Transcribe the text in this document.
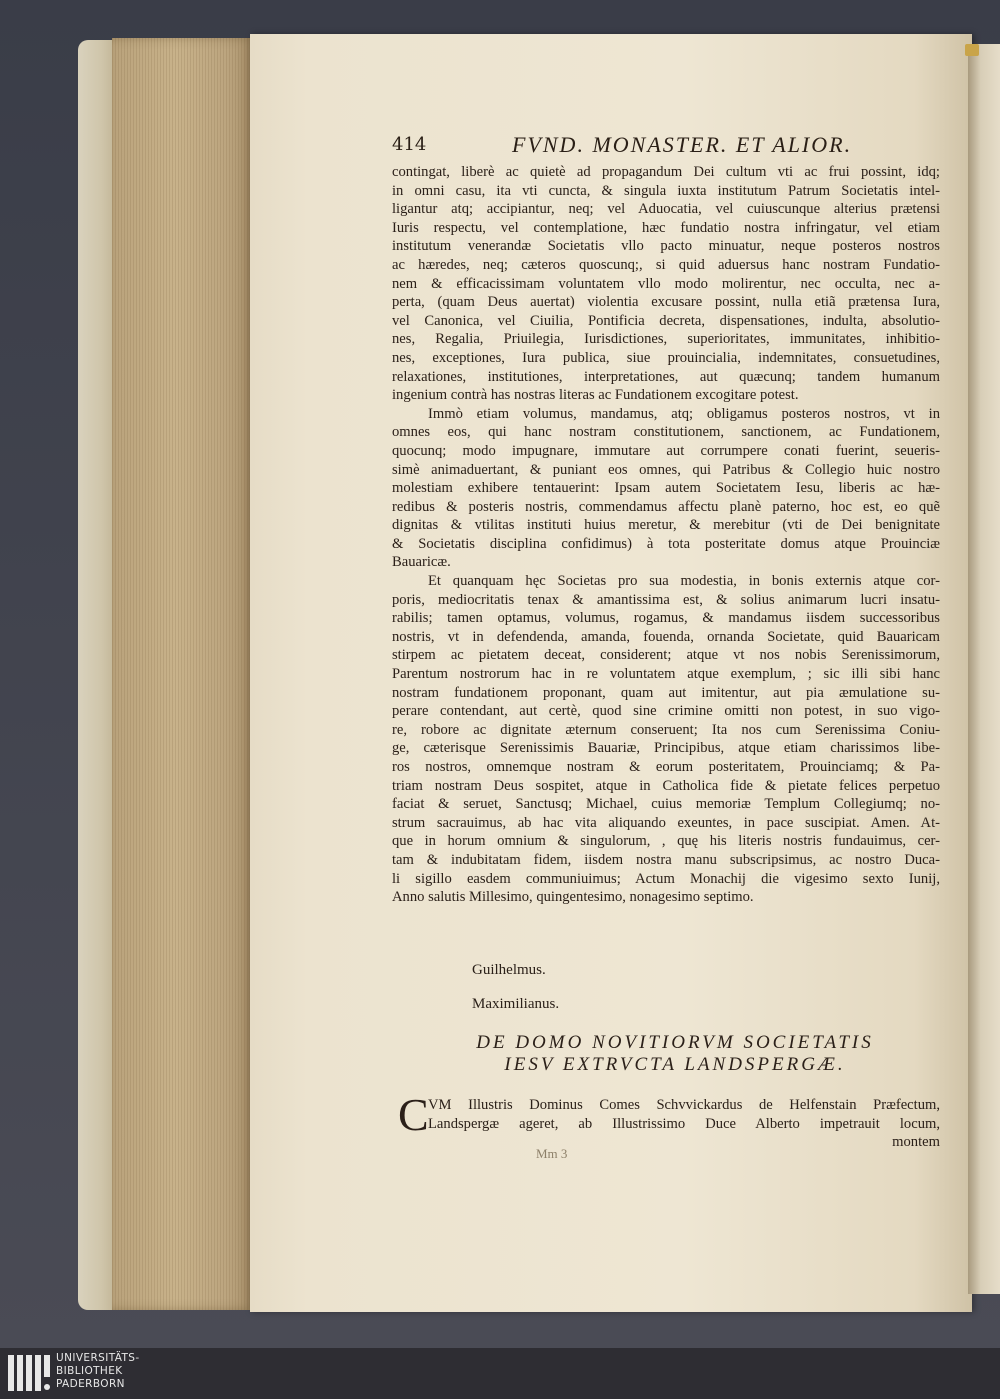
414	FVND. MONASTER. ET ALIOR.
contingat, liberè ac quietè ad propagandum Dei cultum vti ac frui possint, idq;
in omni casu, ita vti cuncta, & singula iuxta institutum Patrum Societatis intel-
ligantur atq; accipiantur, neq; vel Aduocatia, vel cuiuscunque alterius prætensi
Iuris respectu, vel contemplatione, hæc fundatio nostra infringatur, vel etiam
institutum venerandæ Societatis vllo pacto minuatur, neque posteros nostros
ac hæredes, neq; cæteros quoscunq;, si quid aduersus hanc nostram Fundatio-
nem & efficacissimam voluntatem vllo modo molirentur, nec occulta, nec a-
perta, (quam Deus auertat) violentia excusare possint, nulla etiã prætensa Iura,
vel Canonica, vel Ciuilia, Pontificia decreta, dispensationes, indulta, absolutio-
nes, Regalia, Priuilegia, Iurisdictiones, superioritates, immunitates, inhibitio-
nes, exceptiones, Iura publica, siue prouincialia, indemnitates, consuetudines,
relaxationes, institutiones, interpretationes, aut quæcunq; tandem humanum
ingenium contrà has nostras literas ac Fundationem excogitare potest.
Immò etiam volumus, mandamus, atq; obligamus posteros nostros, vt in
omnes eos, qui hanc nostram constitutionem, sanctionem, ac Fundationem,
quocunq; modo impugnare, immutare aut corrumpere conati fuerint, seueris-
simè animaduertant, & puniant eos omnes, qui Patribus & Collegio huic nostro
molestiam exhibere tentauerint: Ipsam autem Societatem Iesu, liberis ac hæ-
redibus & posteris nostris, commendamus affectu planè paterno, hoc est, eo quẽ
dignitas & vtilitas instituti huius meretur, & merebitur (vti de Dei benignitate
& Societatis disciplina confidimus) à tota posteritate domus atque Prouinciæ
Bauaricæ.
Et quanquam hęc Societas pro sua modestia, in bonis externis atque cor-
poris, mediocritatis tenax & amantissima est, & solius animarum lucri insatu-
rabilis; tamen optamus, volumus, rogamus, & mandamus iisdem successoribus
nostris, vt in defendenda, amanda, fouenda, ornanda Societate, quid Bauaricam
stirpem ac pietatem deceat, considerent; atque vt nos nobis Serenissimorum,
Parentum nostrorum hac in re voluntatem atque exemplum, ; sic illi sibi hanc
nostram fundationem proponant, quam aut imitentur, aut pia æmulatione su-
perare contendant, aut certè, quod sine crimine omitti non potest, in suo vigo-
re, robore ac dignitate æternum conseruent; Ita nos cum Serenissima Coniu-
ge, cæterisque Serenissimis Bauariæ, Principibus, atque etiam charissimos libe-
ros nostros, omnemque nostram & eorum posteritatem, Prouinciamq; & Pa-
triam nostram Deus sospitet, atque in Catholica fide & pietate felices perpetuo
faciat & seruet, Sanctusq; Michael, cuius memoriæ Templum Collegiumq; no-
strum sacrauimus, ab hac vita aliquando exeuntes, in pace suscipiat. Amen. At-
que in horum omnium & singulorum, , quę his literis nostris fundauimus, cer-
tam & indubitatam fidem, iisdem nostra manu subscripsimus, ac nostro Duca-
li sigillo easdem communiuimus; Actum Monachij die vigesimo sexto Iunij,
Anno salutis Millesimo, quingentesimo, nonagesimo septimo.
Guilhelmus.
Maximilianus.
DE DOMO NOVITIORVM SOCIETATIS
IESV EXTRVCTA LANDSPERGÆ.
C VM Illustris Dominus Comes Schvvickardus de Helfenstain Præfectum,
Landspergæ ageret, ab Illustrissimo Duce Alberto impetrauit locum,
montem
Mm 3
UNIVERSITÄTS-
BIBLIOTHEK
PADERBORN
